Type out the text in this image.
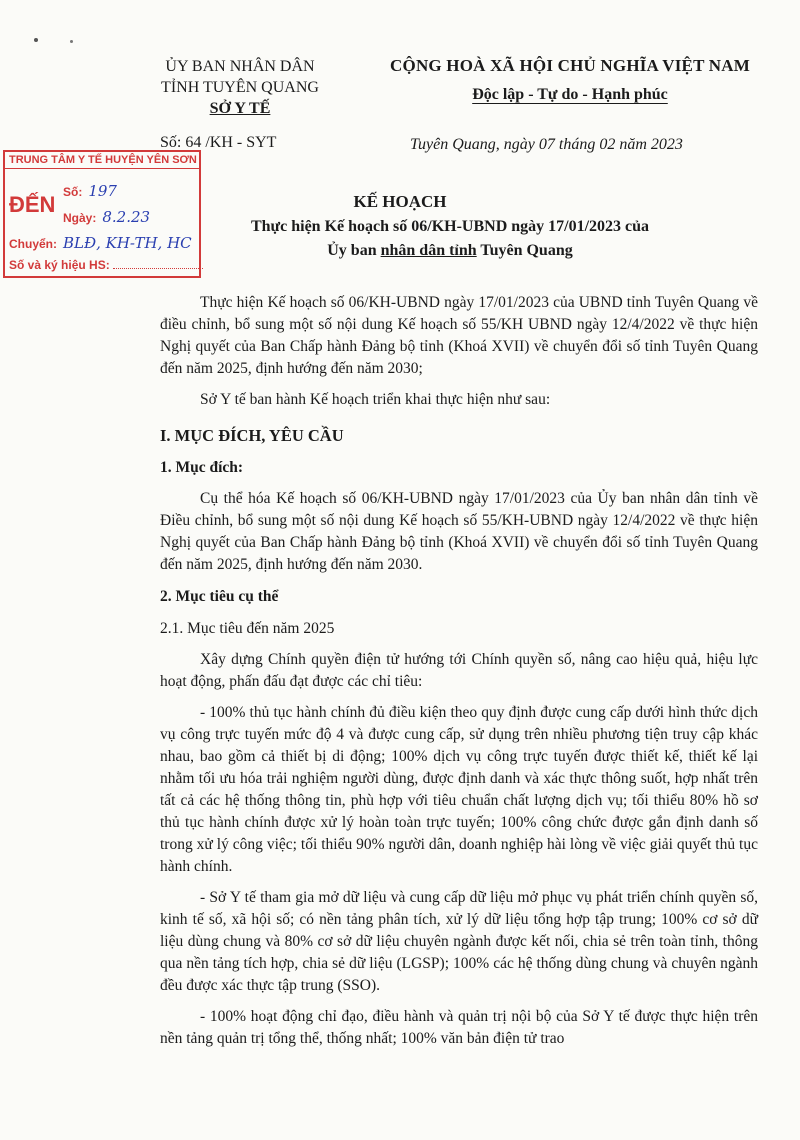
ỦY BAN NHÂN DÂN
TỈNH TUYÊN QUANG
SỞ Y TẾ
CỘNG HOÀ XÃ HỘI CHỦ NGHĨA VIỆT NAM
Độc lập - Tự do - Hạnh phúc
Số: 64 /KH - SYT	Tuyên Quang, ngày 07 tháng 02 năm 2023
TRUNG TÂM Y TẾ HUYỆN YÊN SƠN
ĐẾN Số: 197
Ngày: 8.2.23
Chuyển: BLĐ, KH-TH, HC
Số và ký hiệu HS:
KẾ HOẠCH
Thực hiện Kế hoạch số 06/KH-UBND ngày 17/01/2023 của
Ủy ban nhân dân tỉnh Tuyên Quang

Thực hiện Kế hoạch số 06/KH-UBND ngày 17/01/2023 của UBND tỉnh Tuyên Quang về điều chỉnh, bổ sung một số nội dung Kế hoạch số 55/KH UBND ngày 12/4/2022 về thực hiện Nghị quyết của Ban Chấp hành Đảng bộ tỉnh (Khoá XVII) về chuyển đổi số tỉnh Tuyên Quang đến năm 2025, định hướng đến năm 2030;

Sở Y tế ban hành Kế hoạch triển khai thực hiện như sau:

I. MỤC ĐÍCH, YÊU CẦU

1. Mục đích:

Cụ thể hóa Kế hoạch số 06/KH-UBND ngày 17/01/2023 của Ủy ban nhân dân tỉnh về Điều chỉnh, bổ sung một số nội dung Kế hoạch số 55/KH-UBND ngày 12/4/2022 về thực hiện Nghị quyết của Ban Chấp hành Đảng bộ tỉnh (Khoá XVII) về chuyển đổi số tỉnh Tuyên Quang đến năm 2025, định hướng đến năm 2030.

2. Mục tiêu cụ thể

2.1. Mục tiêu đến năm 2025

Xây dựng Chính quyền điện tử hướng tới Chính quyền số, nâng cao hiệu quả, hiệu lực hoạt động, phấn đấu đạt được các chỉ tiêu:

- 100% thủ tục hành chính đủ điều kiện theo quy định được cung cấp dưới hình thức dịch vụ công trực tuyến mức độ 4 và được cung cấp, sử dụng trên nhiều phương tiện truy cập khác nhau, bao gồm cả thiết bị di động; 100% dịch vụ công trực tuyến được thiết kế, thiết kế lại nhằm tối ưu hóa trải nghiệm người dùng, được định danh và xác thực thông suốt, hợp nhất trên tất cả các hệ thống thông tin, phù hợp với tiêu chuẩn chất lượng dịch vụ; tối thiểu 80% hồ sơ thủ tục hành chính được xử lý hoàn toàn trực tuyến; 100% công chức được gắn định danh số trong xử lý công việc; tối thiểu 90% người dân, doanh nghiệp hài lòng về việc giải quyết thủ tục hành chính.

- Sở Y tế tham gia mở dữ liệu và cung cấp dữ liệu mở phục vụ phát triển chính quyền số, kinh tế số, xã hội số; có nền tảng phân tích, xử lý dữ liệu tổng hợp tập trung; 100% cơ sở dữ liệu dùng chung và 80% cơ sở dữ liệu chuyên ngành được kết nối, chia sẻ trên toàn tỉnh, thông qua nền tảng tích hợp, chia sẻ dữ liệu (LGSP); 100% các hệ thống dùng chung và chuyên ngành đều được xác thực tập trung (SSO).

- 100% hoạt động chỉ đạo, điều hành và quản trị nội bộ của Sở Y tế được thực hiện trên nền tảng quản trị tổng thể, thống nhất; 100% văn bản điện tử trao
